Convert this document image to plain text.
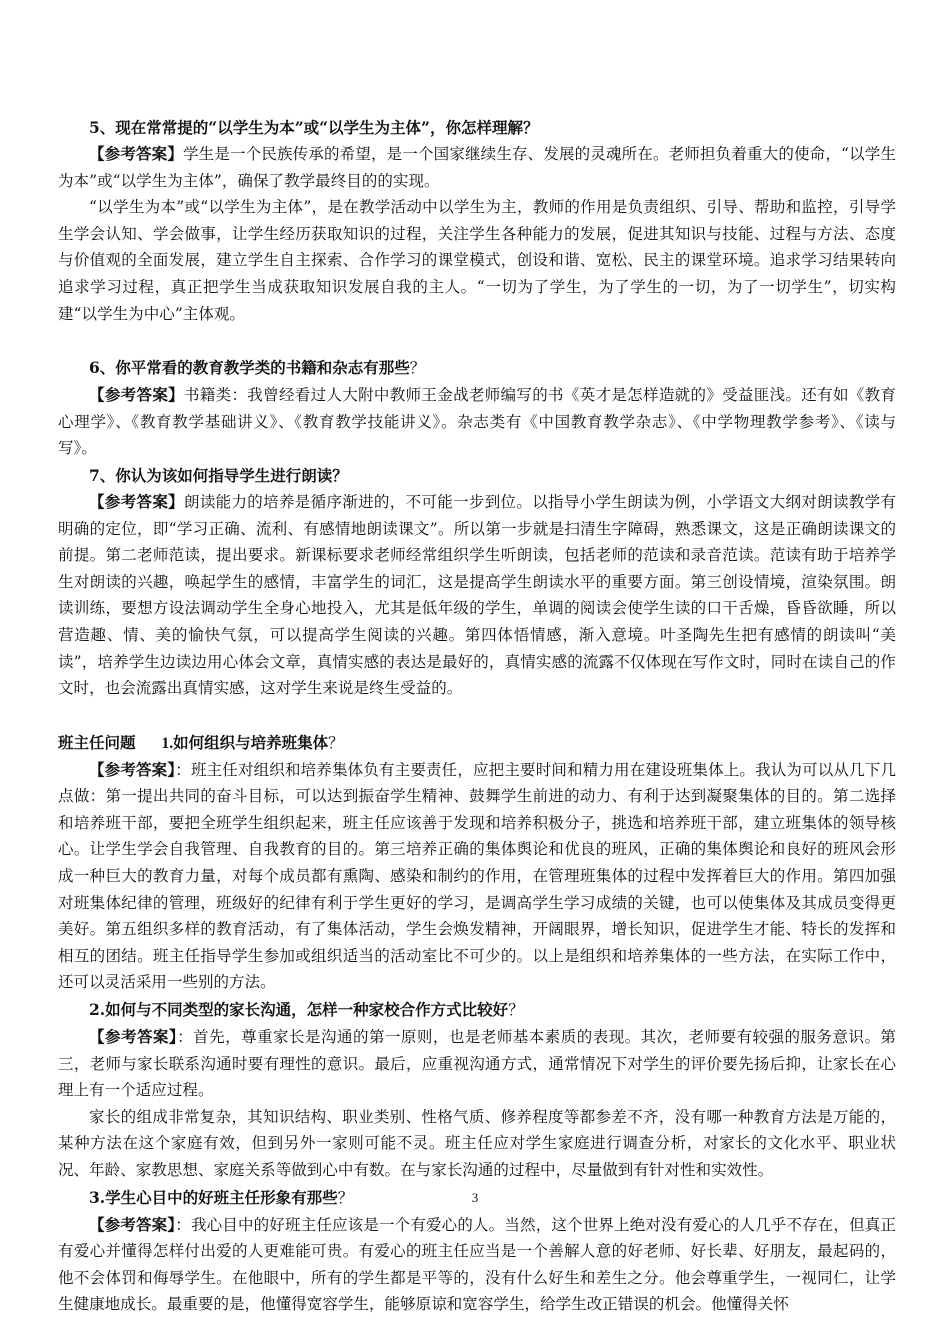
5、现在常常提的“以学生为本”或“以学生为主体”，你怎样理解？

【参考答案】学生是一个民族传承的希望，是一个国家继续生存、发展的灵魂所在。老师担负着重大的使命，“以学生为本”或“以学生为主体”，确保了教学最终目的的实现。

“以学生为本”或“以学生为主体”，是在教学活动中以学生为主，教师的作用是负责组织、引导、帮助和监控，引导学生学会认知、学会做事，让学生经历获取知识的过程，关注学生各种能力的发展，促进其知识与技能、过程与方法、态度与价值观的全面发展，建立学生自主探索、合作学习的课堂模式，创设和谐、宽松、民主的课堂环境。追求学习结果转向追求学习过程，真正把学生当成获取知识发展自我的主人。“一切为了学生，为了学生的一切，为了一切学生”，切实构建“以学生为中心”主体观。

6、你平常看的教育教学类的书籍和杂志有那些？

【参考答案】书籍类：我曾经看过人大附中教师王金战老师编写的书《英才是怎样造就的》受益匪浅。还有如《教育心理学》、《教育教学基础讲义》、《教育教学技能讲义》。杂志类有《中国教育教学杂志》、《中学物理教学参考》、《读与写》。

7、你认为该如何指导学生进行朗读？

【参考答案】朗读能力的培养是循序渐进的，不可能一步到位。以指导小学生朗读为例，小学语文大纲对朗读教学有明确的定位，即“学习正确、流利、有感情地朗读课文”。所以第一步就是扫清生字障碍，熟悉课文，这是正确朗读课文的前提。第二老师范读，提出要求。新课标要求老师经常组织学生听朗读，包括老师的范读和录音范读。范读有助于培养学生对朗读的兴趣，唤起学生的感情，丰富学生的词汇，这是提高学生朗读水平的重要方面。第三创设情境，渲染氛围。朗读训练，要想方设法调动学生全身心地投入，尤其是低年级的学生，单调的阅读会使学生读的口干舌燥，昏昏欲睡，所以营造趣、情、美的愉快气氛，可以提高学生阅读的兴趣。第四体悟情感，渐入意境。叶圣陶先生把有感情的朗读叫“美读”，培养学生边读边用心体会文章，真情实感的表达是最好的，真情实感的流露不仅体现在写作文时，同时在读自己的作文时，也会流露出真情实感，这对学生来说是终生受益的。

班主任问题 1.如何组织与培养班集体？

【参考答案】：班主任对组织和培养集体负有主要责任，应把主要时间和精力用在建设班集体上。我认为可以从几下几点做：第一提出共同的奋斗目标，可以达到振奋学生精神、鼓舞学生前进的动力、有利于达到凝聚集体的目的。第二选择和培养班干部，要把全班学生组织起来，班主任应该善于发现和培养积极分子，挑选和培养班干部，建立班集体的领导核心。让学生学会自我管理、自我教育的目的。第三培养正确的集体舆论和优良的班风，正确的集体舆论和良好的班风会形成一种巨大的教育力量，对每个成员都有熏陶、感染和制约的作用，在管理班集体的过程中发挥着巨大的作用。第四加强对班集体纪律的管理，班级好的纪律有利于学生更好的学习，是调高学生学习成绩的关键，也可以使集体及其成员变得更美好。第五组织多样的教育活动，有了集体活动，学生会焕发精神，开阔眼界，增长知识，促进学生才能、特长的发挥和相互的团结。班主任指导学生参加或组织适当的活动室比不可少的。以上是组织和培养集体的一些方法，在实际工作中，还可以灵活采用一些别的方法。

2.如何与不同类型的家长沟通，怎样一种家校合作方式比较好？

【参考答案】：首先，尊重家长是沟通的第一原则，也是老师基本素质的表现。其次，老师要有较强的服务意识。第三，老师与家长联系沟通时要有理性的意识。最后，应重视沟通方式，通常情况下对学生的评价要先扬后抑，让家长在心理上有一个适应过程。

家长的组成非常复杂，其知识结构、职业类别、性格气质、修养程度等都参差不齐，没有哪一种教育方法是万能的，某种方法在这个家庭有效，但到另外一家则可能不灵。班主任应对学生家庭进行调查分析，对家长的文化水平、职业状况、年龄、家教思想、家庭关系等做到心中有数。在与家长沟通的过程中，尽量做到有针对性和实效性。

3.学生心目中的好班主任形象有那些？

【参考答案】：我心目中的好班主任应该是一个有爱心的人。当然，这个世界上绝对没有爱心的人几乎不存在，但真正有爱心并懂得怎样付出爱的人更难能可贵。有爱心的班主任应当是一个善解人意的好老师、好长辈、好朋友，最起码的，他不会体罚和侮辱学生。在他眼中，所有的学生都是平等的，没有什么好生和差生之分。他会尊重学生，一视同仁，让学生健康地成长。最重要的是，他懂得宽容学生，能够原谅和宽容学生，给学生改正错误的机会。他懂得关怀

3
